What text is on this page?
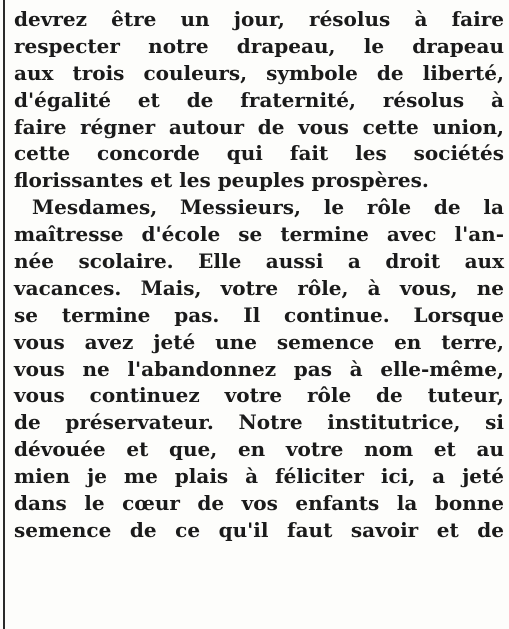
devrez être un jour, résolus à faire
respecter notre drapeau, le drapeau
aux trois couleurs, symbole de liberté,
d'égalité et de fraternité, résolus à
faire régner autour de vous cette union,
cette concorde qui fait les sociétés
florissantes et les peuples prospères.
Mesdames, Messieurs, le rôle de la
maîtresse d'école se termine avec l'an-
née scolaire. Elle aussi a droit aux
vacances. Mais, votre rôle, à vous, ne
se termine pas. Il continue. Lorsque
vous avez jeté une semence en terre,
vous ne l'abandonnez pas à elle-même,
vous continuez votre rôle de tuteur,
de préservateur. Notre institutrice, si
dévouée et que, en votre nom et au
mien je me plais à féliciter ici, a jeté
dans le cœur de vos enfants la bonne
semence de ce qu'il faut savoir et de
